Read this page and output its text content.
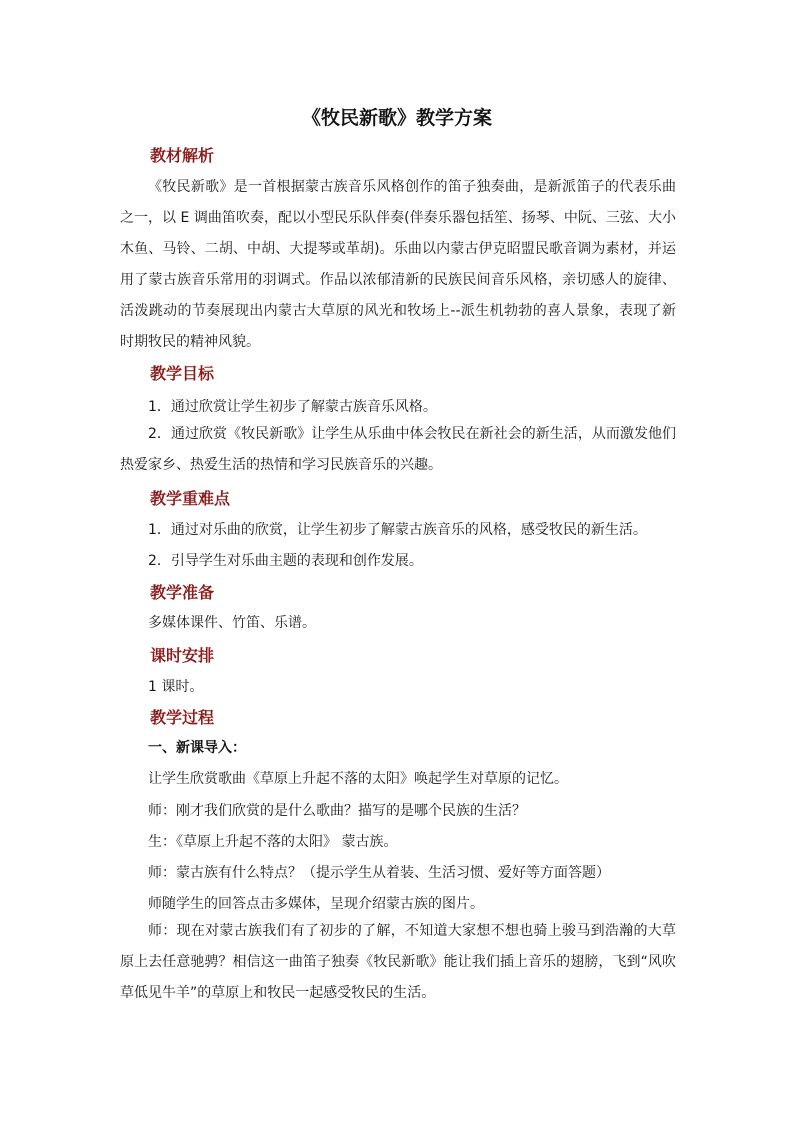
《牧民新歌》教学方案
教材解析

《牧民新歌》是一首根据蒙古族音乐风格创作的笛子独奏曲，是新派笛子的代表乐曲之一，以 E 调曲笛吹奏，配以小型民乐队伴奏(伴奏乐器包括笙、扬琴、中阮、三弦、大小木鱼、马铃、二胡、中胡、大提琴或革胡)。乐曲以内蒙古伊克昭盟民歌音调为素材，并运用了蒙古族音乐常用的羽调式。作品以浓郁清新的民族民间音乐风格，亲切感人的旋律、活泼跳动的节奏展现出内蒙古大草原的风光和牧场上--派生机勃勃的喜人景象，表现了新时期牧民的精神风貌。

教学目标
1．通过欣赏让学生初步了解蒙古族音乐风格。

2．通过欣赏《牧民新歌》让学生从乐曲中体会牧民在新社会的新生活，从而激发他们热爱家乡、热爱生活的热情和学习民族音乐的兴趣。

教学重难点
1．通过对乐曲的欣赏，让学生初步了解蒙古族音乐的风格，感受牧民的新生活。
2．引导学生对乐曲主题的表现和创作发展。
教学准备
多媒体课件、竹笛、乐谱。
课时安排
1 课时。
教学过程
一、新课导入：
让学生欣赏歌曲《草原上升起不落的太阳》唤起学生对草原的记忆。
师：刚才我们欣赏的是什么歌曲？描写的是哪个民族的生活？
生：《草原上升起不落的太阳》 蒙古族。
师：蒙古族有什么特点？（提示学生从着装、生活习惯、爱好等方面答题）
师随学生的回答点击多媒体，呈现介绍蒙古族的图片。

师：现在对蒙古族我们有了初步的了解，不知道大家想不想也骑上骏马到浩瀚的大草原上去任意驰骋？相信这一曲笛子独奏《牧民新歌》能让我们插上音乐的翅膀，飞到“风吹草低见牛羊”的草原上和牧民一起感受牧民的生活。
